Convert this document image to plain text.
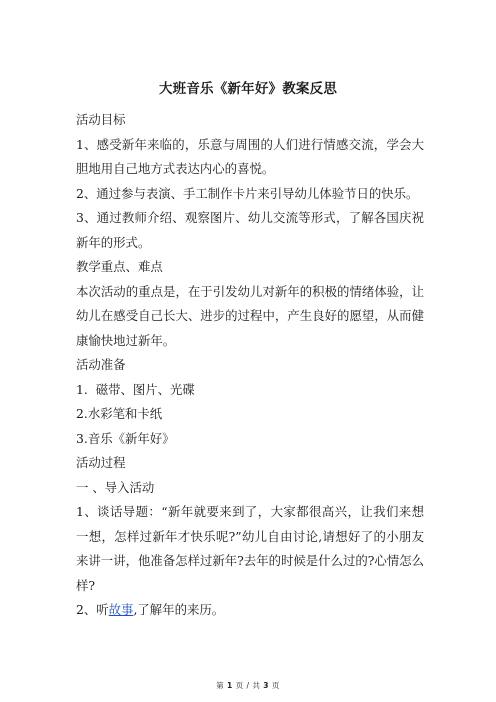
大班音乐《新年好》教案反思

活动目标

1、感受新年来临的，乐意与周围的人们进行情感交流，学会大胆地用自己地方式表达内心的喜悦。

2、通过参与表演、手工制作卡片来引导幼儿体验节日的快乐。

3、通过教师介绍、观察图片、幼儿交流等形式，了解各国庆祝新年的形式。

教学重点、难点

本次活动的重点是，在于引发幼儿对新年的积极的情绪体验，让幼儿在感受自己长大、进步的过程中，产生良好的愿望，从而健康愉快地过新年。

活动准备

1.  磁带、图片、光碟

2.水彩笔和卡纸

3.音乐《新年好》

活动过程

一 、导入活动

1、谈话导题：“新年就要来到了，大家都很高兴，让我们来想一想，怎样过新年才快乐呢?”幼儿自由讨论,请想好了的小朋友来讲一讲，他准备怎样过新年?去年的时候是什么过的?心情怎么样?

2、听故事,了解年的来历。

第 1 页 / 共 3 页
